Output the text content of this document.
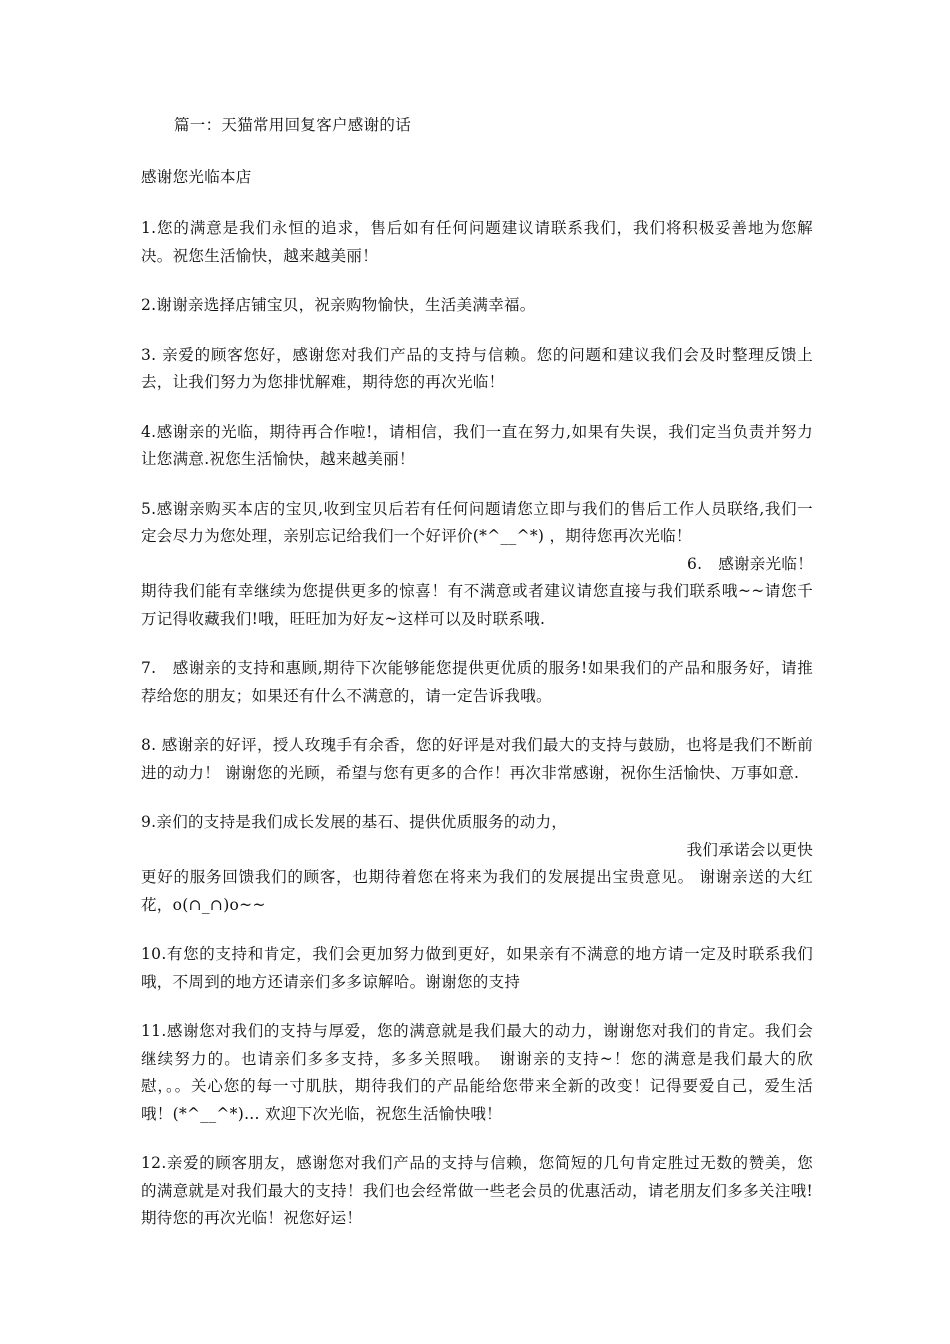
篇一：天猫常用回复客户感谢的话
感谢您光临本店
1.您的满意是我们永恒的追求，售后如有任何问题建议请联系我们，我们将积极妥善地为您解决。祝您生活愉快，越来越美丽！
2.谢谢亲选择店铺宝贝，祝亲购物愉快，生活美满幸福。
3. 亲爱的顾客您好，感谢您对我们产品的支持与信赖。您的问题和建议我们会及时整理反馈上去，让我们努力为您排忧解难，期待您的再次光临！
4.感谢亲的光临，期待再合作啦!，请相信，我们一直在努力,如果有失误，我们定当负责并努力让您满意.祝您生活愉快，越来越美丽！
5.感谢亲购买本店的宝贝,收到宝贝后若有任何问题请您立即与我们的售后工作人员联络,我们一定会尽力为您处理，亲别忘记给我们一个好评价(*^__^*) ，期待您再次光临！
6.　感谢亲光临！
期待我们能有幸继续为您提供更多的惊喜！有不满意或者建议请您直接与我们联系哦~~请您千万记得收藏我们!哦，旺旺加为好友~这样可以及时联系哦.
7.　感谢亲的支持和惠顾,期待下次能够能您提供更优质的服务!如果我们的产品和服务好，请推荐给您的朋友；如果还有什么不满意的，请一定告诉我哦。
8. 感谢亲的好评，授人玫瑰手有余香，您的好评是对我们最大的支持与鼓励，也将是我们不断前进的动力！ 谢谢您的光顾，希望与您有更多的合作！再次非常感谢，祝你生活愉快、万事如意.
9.亲们的支持是我们成长发展的基石、提供优质服务的动力，
我们承诺会以更快
更好的服务回馈我们的顾客，也期待着您在将来为我们的发展提出宝贵意见。 谢谢亲送的大红花，o(∩_∩)o~~
10.有您的支持和肯定，我们会更加努力做到更好，如果亲有不满意的地方请一定及时联系我们哦，不周到的地方还请亲们多多谅解哈。谢谢您的支持
11.感谢您对我们的支持与厚爱，您的满意就是我们最大的动力，谢谢您对我们的肯定。我们会继续努力的。也请亲们多多支持，多多关照哦。　谢谢亲的支持~！您的满意是我们最大的欣慰，。。关心您的每一寸肌肤，期待我们的产品能给您带来全新的改变！记得要爱自己，爱生活哦！(*^__^*)... 欢迎下次光临，祝您生活愉快哦！
12.亲爱的顾客朋友，感谢您对我们产品的支持与信赖，您简短的几句肯定胜过无数的赞美，您的满意就是对我们最大的支持！我们也会经常做一些老会员的优惠活动，请老朋友们多多关注哦!期待您的再次光临！祝您好运！
